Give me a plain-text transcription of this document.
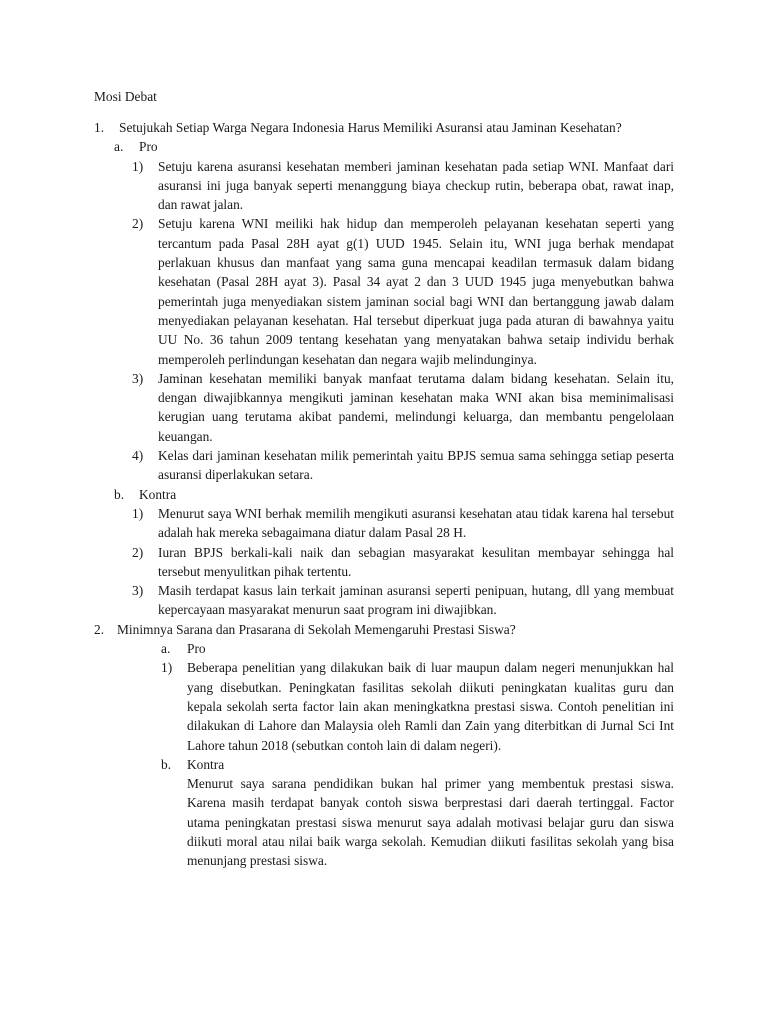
Mosi Debat
1. Setujukah Setiap Warga Negara Indonesia Harus Memiliki Asuransi atau Jaminan Kesehatan?
a. Pro
1) Setuju karena asuransi kesehatan memberi jaminan kesehatan pada setiap WNI. Manfaat dari asuransi ini juga banyak seperti menanggung biaya checkup rutin, beberapa obat, rawat inap, dan rawat jalan.
2) Setuju karena WNI meiliki hak hidup dan memperoleh pelayanan kesehatan seperti yang tercantum pada Pasal 28H ayat g(1) UUD 1945. Selain itu, WNI juga berhak mendapat perlakuan khusus dan manfaat yang sama guna mencapai keadilan termasuk dalam bidang kesehatan (Pasal 28H ayat 3). Pasal 34 ayat 2 dan 3 UUD 1945 juga menyebutkan bahwa pemerintah juga menyediakan sistem jaminan social bagi WNI dan bertanggung jawab dalam menyediakan pelayanan kesehatan. Hal tersebut diperkuat juga pada aturan di bawahnya yaitu UU No. 36 tahun 2009 tentang kesehatan yang menyatakan bahwa setaip individu berhak memperoleh perlindungan kesehatan dan negara wajib melindunginya.
3) Jaminan kesehatan memiliki banyak manfaat terutama dalam bidang kesehatan. Selain itu, dengan diwajibkannya mengikuti jaminan kesehatan maka WNI akan bisa meminimalisasi kerugian uang terutama akibat pandemi, melindungi keluarga, dan membantu pengelolaan keuangan.
4) Kelas dari jaminan kesehatan milik pemerintah yaitu BPJS semua sama sehingga setiap peserta asuransi diperlakukan setara.
b. Kontra
1) Menurut saya WNI berhak memilih mengikuti asuransi kesehatan atau tidak karena hal tersebut adalah hak mereka sebagaimana diatur dalam Pasal 28 H.
2) Iuran BPJS berkali-kali naik dan sebagian masyarakat kesulitan membayar sehingga hal tersebut menyulitkan pihak tertentu.
3) Masih terdapat kasus lain terkait jaminan asuransi seperti penipuan, hutang, dll yang membuat kepercayaan masyarakat menurun saat program ini diwajibkan.
2. Minimnya Sarana dan Prasarana di Sekolah Memengaruhi Prestasi Siswa?
a. Pro
1) Beberapa penelitian yang dilakukan baik di luar maupun dalam negeri menunjukkan hal yang disebutkan. Peningkatan fasilitas sekolah diikuti peningkatan kualitas guru dan kepala sekolah serta factor lain akan meningkatkna prestasi siswa. Contoh penelitian ini dilakukan di Lahore dan Malaysia oleh Ramli dan Zain yang diterbitkan di Jurnal Sci Int Lahore tahun 2018 (sebutkan contoh lain di dalam negeri).
b. Kontra
Menurut saya sarana pendidikan bukan hal primer yang membentuk prestasi siswa. Karena masih terdapat banyak contoh siswa berprestasi dari daerah tertinggal. Factor utama peningkatan prestasi siswa menurut saya adalah motivasi belajar guru dan siswa diikuti moral atau nilai baik warga sekolah. Kemudian diikuti fasilitas sekolah yang bisa menunjang prestasi siswa.
